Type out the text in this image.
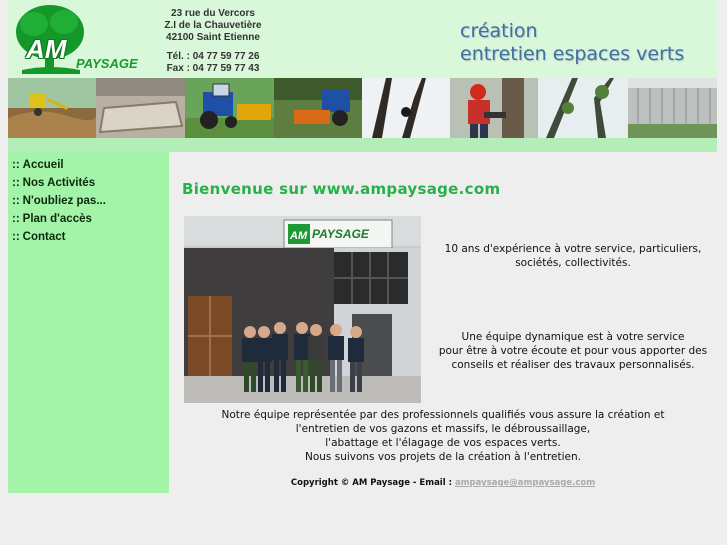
AM PAYSAGE
23 rue du Vercors
Z.I de la Chauvetière
42100 Saint Etienne
Tél. : 04 77 59 77 26
Fax : 04 77 59 77 43
création
entretien espaces verts
:: Accueil
:: Nos Activités
:: N'oubliez pas...
:: Plan d'accès
:: Contact
Bienvenue sur www.ampaysage.com
AM PAYSAGE
10 ans d'expérience à votre service, particuliers,
sociétés, collectivités.
Une équipe dynamique est à votre service
pour être à votre écoute et pour vous apporter des
conseils et réaliser des travaux personnalisés.
Notre équipe représentée par des professionnels qualifiés vous assure la création et
l'entretien de vos gazons et massifs, le débroussaillage,
l'abattage et l'élagage de vos espaces verts.
Nous suivons vos projets de la création à l'entretien.
Copyright © AM Paysage - Email : ampaysage@ampaysage.com
